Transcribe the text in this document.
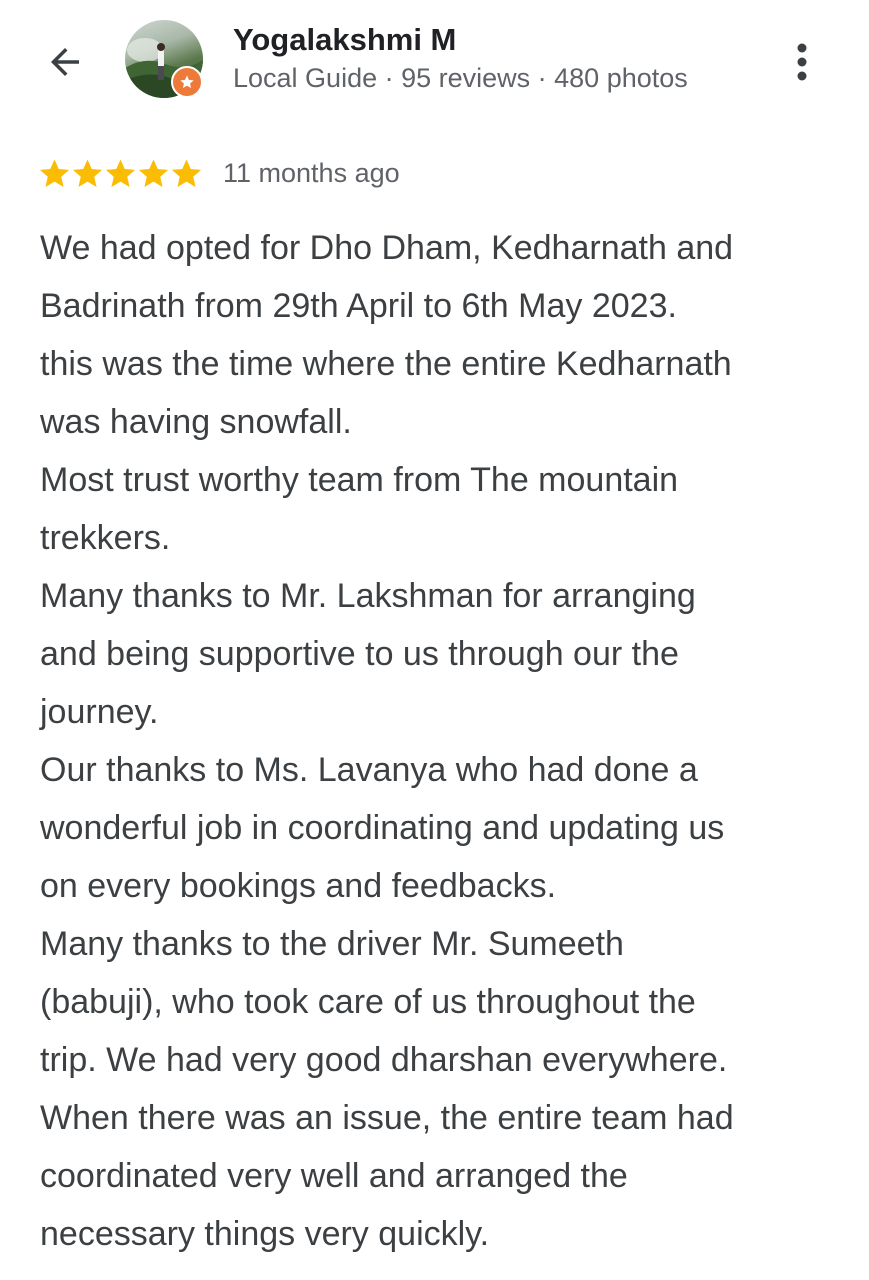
Yogalakshmi M
Local Guide · 95 reviews · 480 photos
11 months ago
We had opted for Dho Dham, Kedharnath and
Badrinath from 29th April to 6th May 2023.
this was the time where the entire Kedharnath
was having snowfall.
Most trust worthy team from The mountain
trekkers.
Many thanks to Mr. Lakshman for arranging
and being supportive to us through our the
journey.
Our thanks to Ms. Lavanya who had done a
wonderful job in coordinating and updating us
on every bookings and feedbacks.
Many thanks to the driver Mr. Sumeeth
(babuji), who took care of us throughout the
trip. We had very good dharshan everywhere.
When there was an issue, the entire team had
coordinated very well and arranged the
necessary things very quickly.
